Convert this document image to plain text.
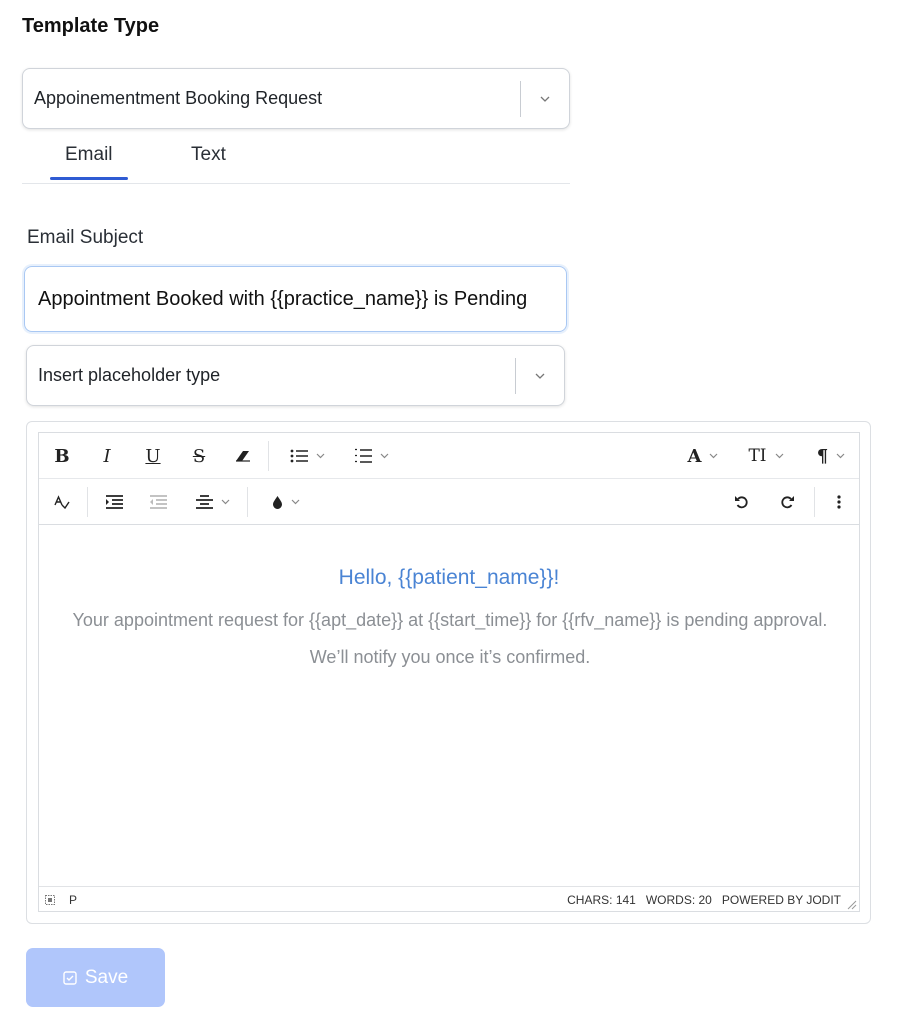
Template Type
Appoinementment Booking Request
Email	Text
Email Subject
Appointment Booked with {{practice_name}} is Pending
Insert placeholder type
B I U S	A	TI	¶
Hello, {{patient_name}}!
Your appointment request for {{apt_date}} at {{start_time}} for {{rfv_name}} is pending approval. We’ll notify you once it’s confirmed.
P	CHARS: 141 WORDS: 20 POWERED BY JODIT
Save
